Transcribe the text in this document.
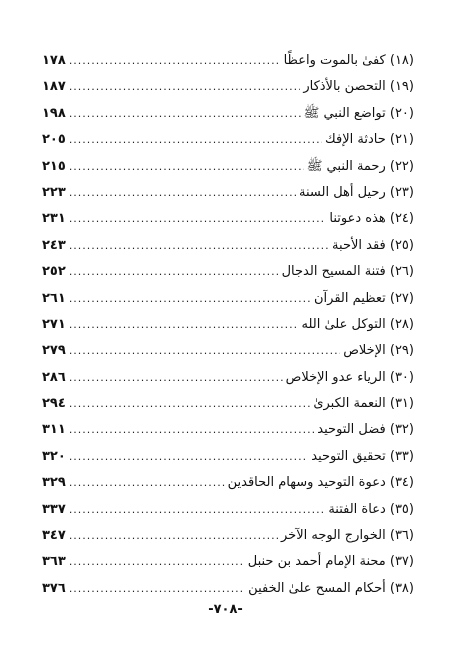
(١٨) كفىٰ بالموت واعظًا
.....
١٧٨
(١٩) التحصن بالأذكار
.....
١٨٧
(٢٠) تواضع النبي ﷺ
.....
١٩٨
(٢١) حادثة الإفك
.....
٢٠٥
(٢٢) رحمة النبي ﷺ
.....
٢١٥
(٢٣) رحيل أهل السنة
.....
٢٢٣
(٢٤) هذه دعوتنا
.....
٢٣١
(٢٥) فقد الأحبة
.....
٢٤٣
(٢٦) فتنة المسيح الدجال
.....
٢٥٢
(٢٧) تعظيم القرآن
.....
٢٦١
(٢٨) التوكل علىٰ الله
.....
٢٧١
(٢٩) الإخلاص
.....
٢٧٩
(٣٠) الرياء عدو الإخلاص
.....
٢٨٦
(٣١) النعمة الكبرىٰ
.....
٢٩٤
(٣٢) فضل التوحيد
.....
٣١١
(٣٣) تحقيق التوحيد
.....
٣٢٠
(٣٤) دعوة التوحيد وسهام الحاقدين
.....
٣٢٩
(٣٥) دعاة الفتنة
.....
٣٣٧
(٣٦) الخوارج الوجه الآخر
.....
٣٤٧
(٣٧) محنة الإمام أحمد بن حنبل
.....
٣٦٣
(٣٨) أحكام المسح علىٰ الخفين
.....
٣٧٦
-٧٠٨-
